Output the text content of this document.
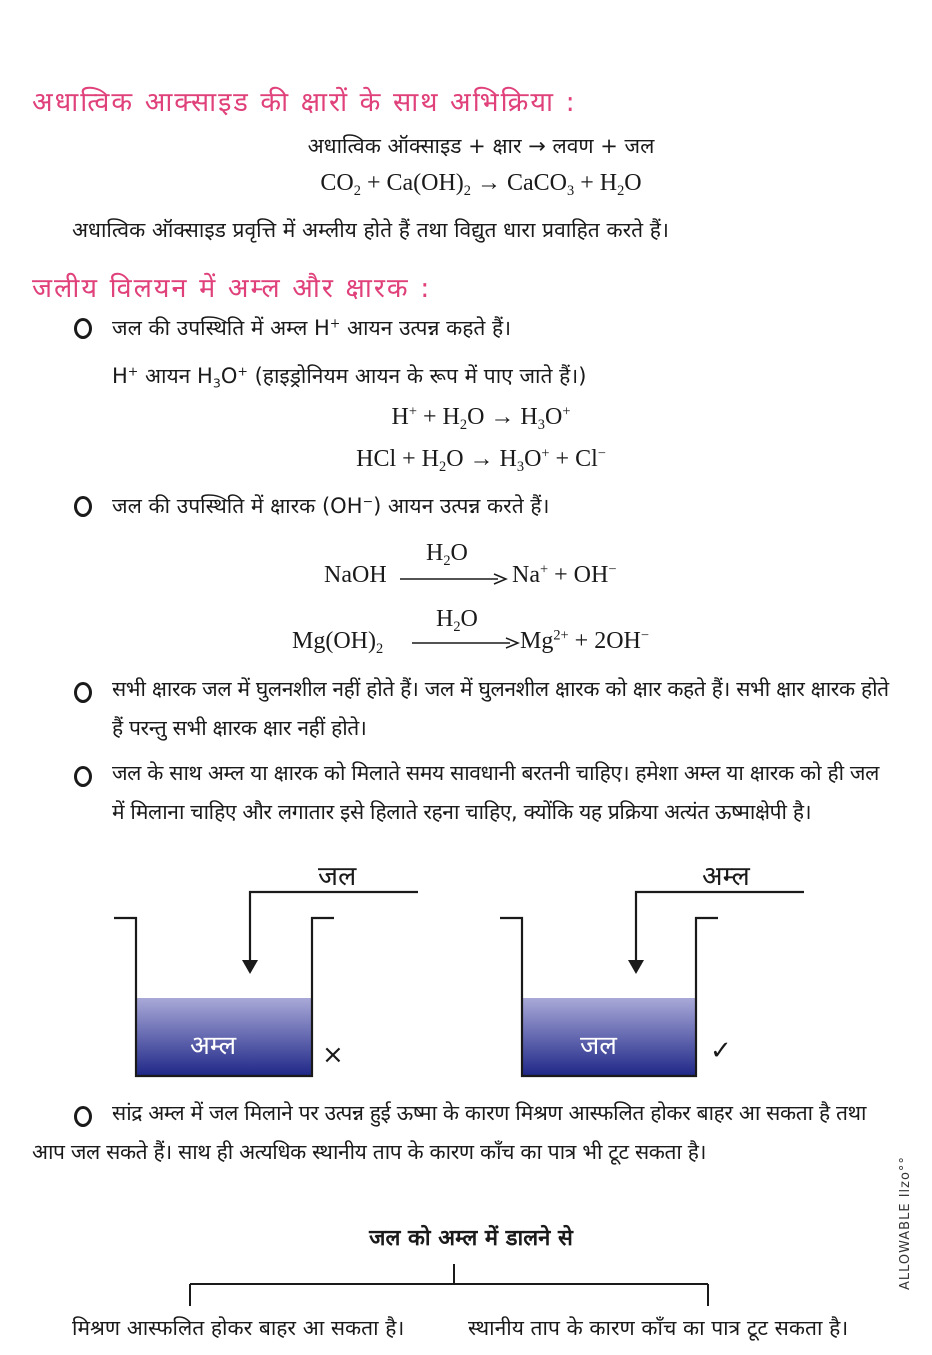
अधात्विक आक्साइड की क्षारों के साथ अभिक्रिया :
अधात्विक ऑक्साइड + क्षार → लवण + जल
$CO_2 + Ca(OH)_2$ → CaCO$_3$ + $H_2O$
अधात्विक ऑक्साइड प्रवृत्ति में अम्लीय होते हैं तथा विद्युत धारा प्रवाहित करते हैं।
जलीय विलयन में अम्ल और क्षारक :
जल की उपस्थिति में अम्ल H+ आयन उत्पन्न कहते हैं।
H+ आयन $H_3O^+$ (हाइड्रोनियम आयन के रूप में पाए जाते हैं।)
$H^+ + H_2O \to H_3O^+$
HCl + $H_2O \to H_3O^+ + Cl^-$
जल की उपस्थिति में क्षारक (OH−) आयन उत्पन्न करते हैं।
NaOH
$H_2O$
Na+ + OH−
$Mg(OH)_2$
$H_2O$
$Mg^{2+} + 2OH^-$
सभी क्षारक जल में घुलनशील नहीं होते हैं। जल में घुलनशील क्षारक को क्षार कहते हैं। सभी क्षार क्षारक होते हैं परन्तु सभी क्षारक क्षार नहीं होते।
जल के साथ अम्ल या क्षारक को मिलाते समय सावधानी बरतनी चाहिए। हमेशा अम्ल या क्षारक को ही जल में मिलाना चाहिए और लगातार इसे हिलाते रहना चाहिए, क्योंकि यह प्रक्रिया अत्यंत ऊष्माक्षेपी है।
जल
अम्ल	×
अम्ल
जल	✓
सांद्र अम्ल में जल मिलाने पर उत्पन्न हुई ऊष्मा के कारण मिश्रण आस्फलित होकर बाहर आ सकता है तथा आप जल सकते हैं। साथ ही अत्यधिक स्थानीय ताप के कारण काँच का पात्र भी टूट सकता है।
जल को अम्ल में डालने से
मिश्रण आस्फलित होकर बाहर आ सकता है।	स्थानीय ताप के कारण काँच का पात्र टूट सकता है।
ALLOWABLE Ilzo°°
